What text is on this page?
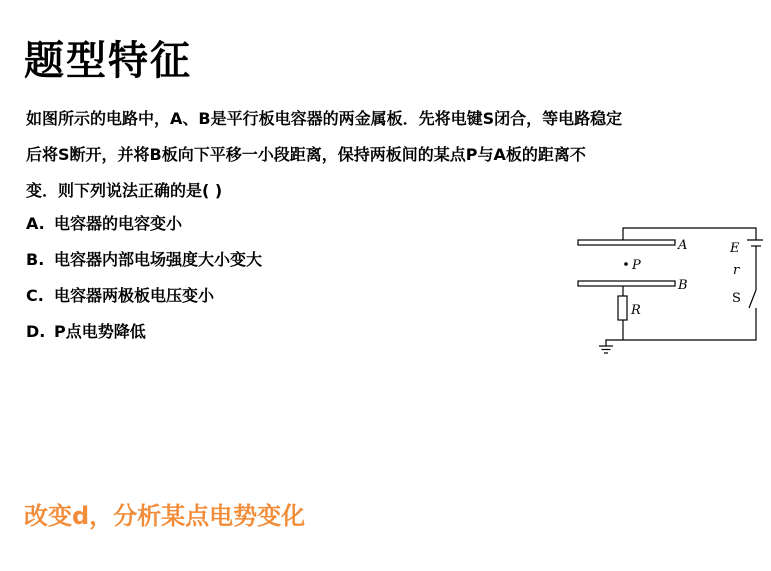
题型特征
如图所示的电路中，A、B是平行板电容器的两金属板．先将电键S闭合，等电路稳定
后将S断开，并将B板向下平移一小段距离，保持两板间的某点P与A板的距离不
变．则下列说法正确的是( )
A. 电容器的电容变小
B. 电容器内部电场强度大小变大
C. 电容器两极板电压变小
D. P点电势降低
P
A
B
R
E
r
S
改变d，分析某点电势变化
